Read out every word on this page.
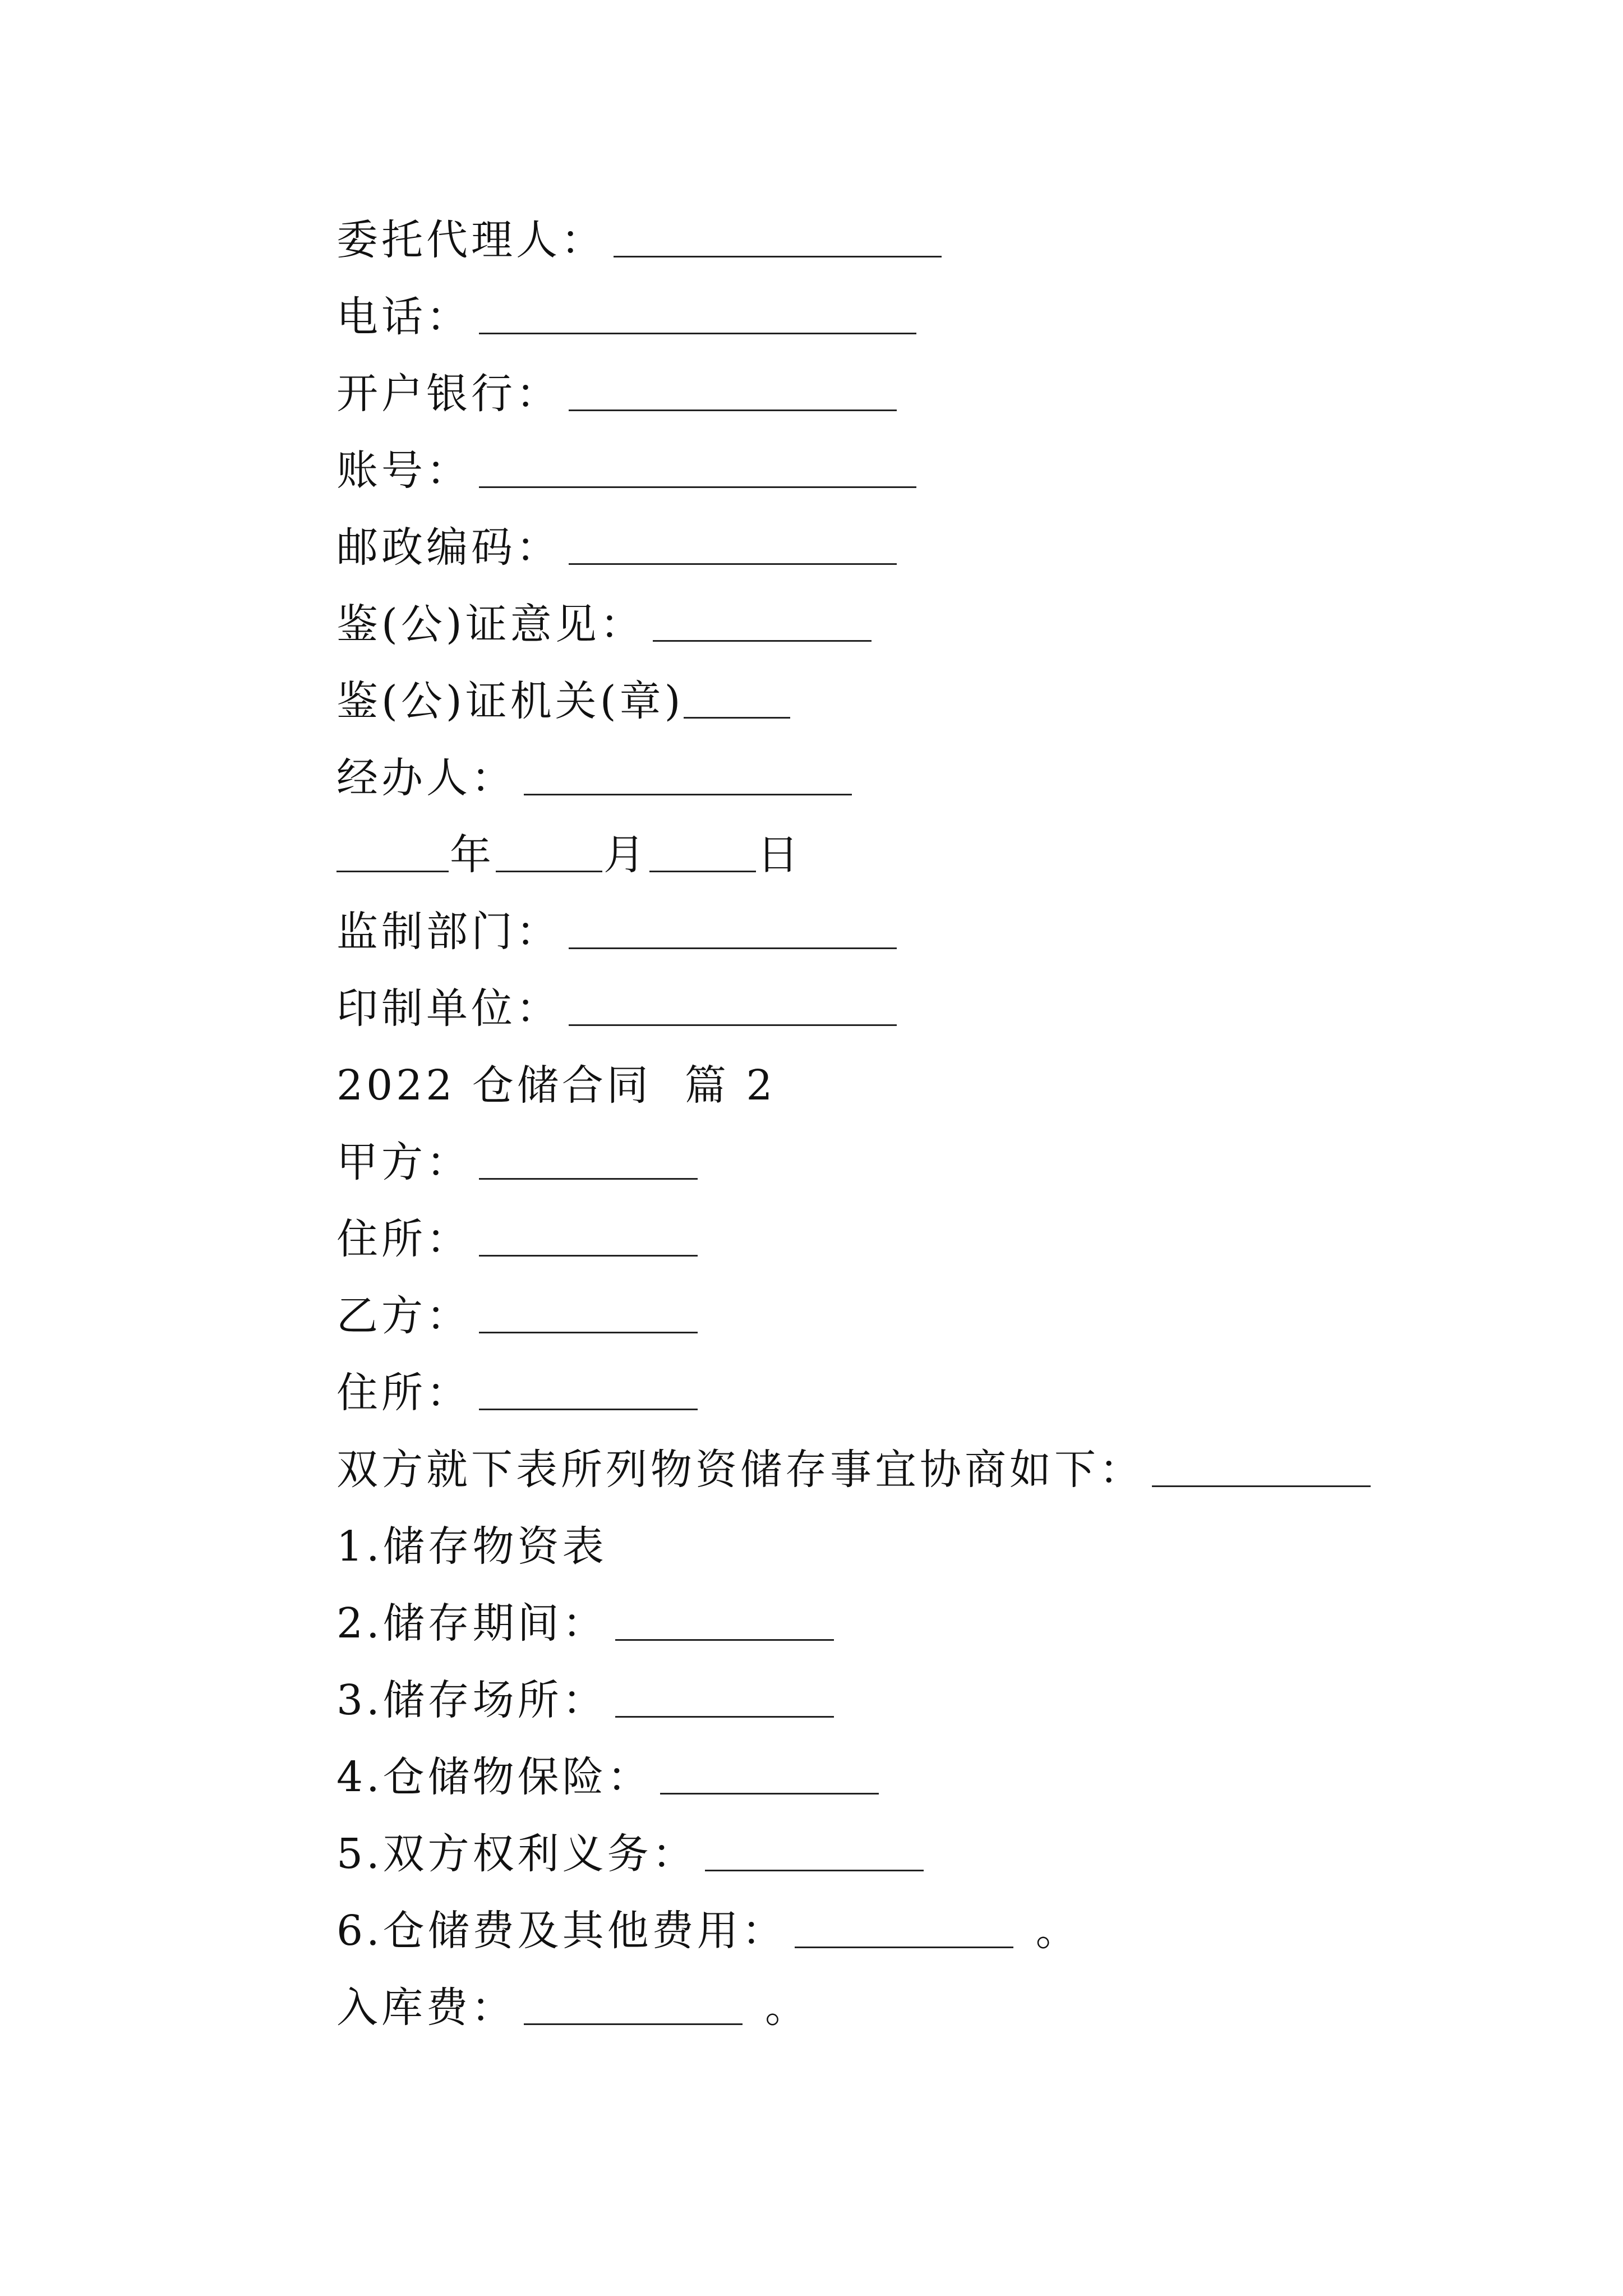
委托代理人：
电话：
开户银行：
账号：
邮政编码：
鉴(公)证意见：
鉴(公)证机关(章)
经办人：
年	月	日
监制部门：
印制单位：
2022 仓储合同  篇 2
甲方：
住所：
乙方：
住所：
双方就下表所列物资储存事宜协商如下：
1.储存物资表
2.储存期间：
3.储存场所：
4.仓储物保险：
5.双方权利义务：
6.仓储费及其他费用：	。
入库费：	。
